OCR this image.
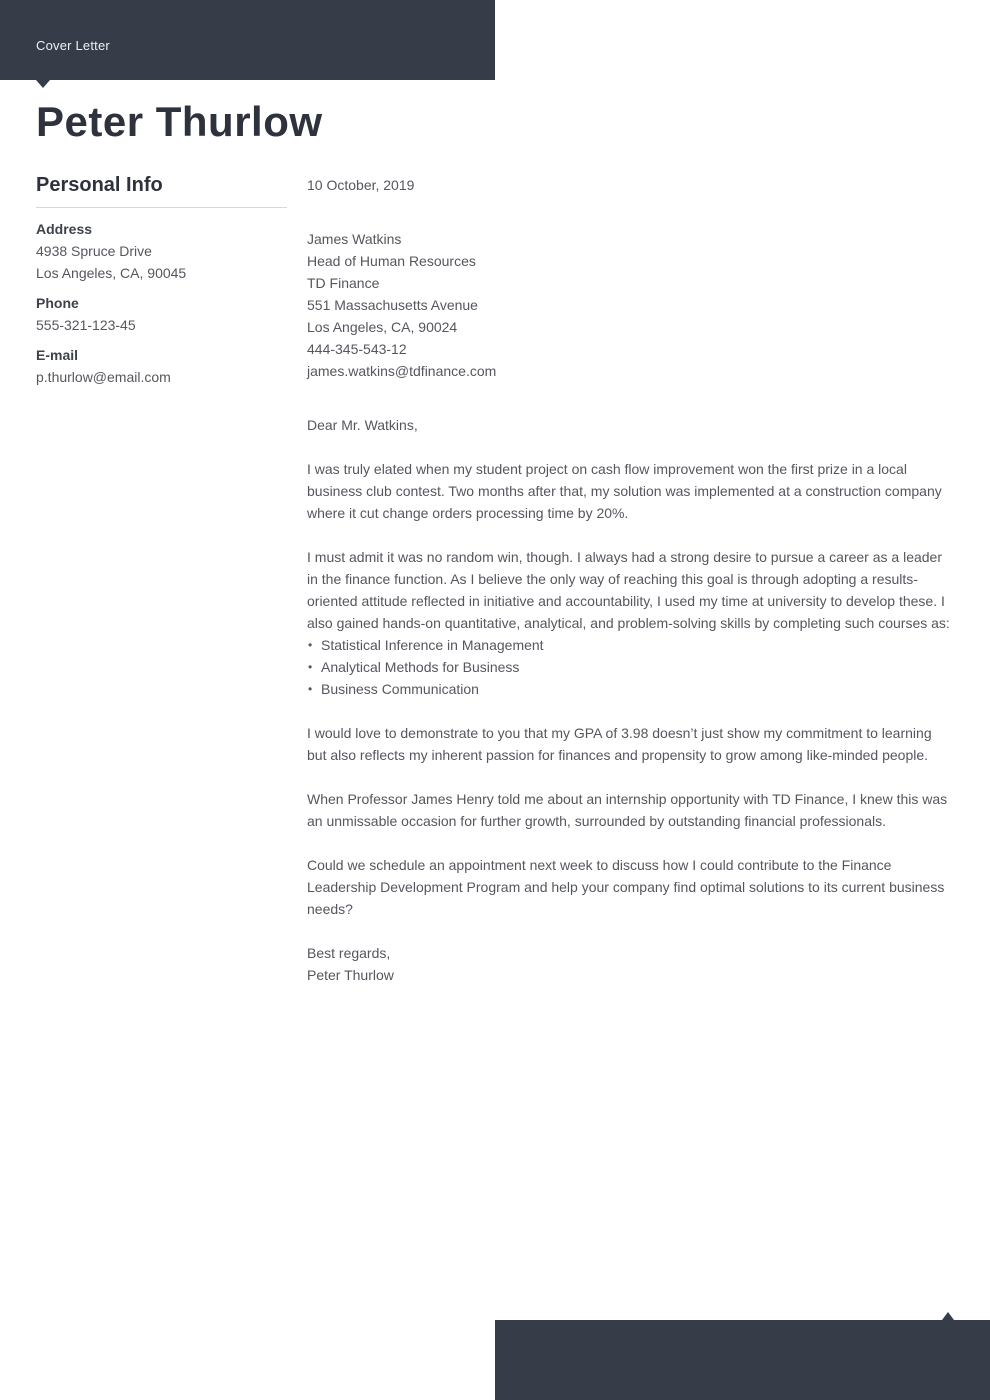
Cover Letter
Peter Thurlow
Personal Info
Address
4938 Spruce Drive
Los Angeles, CA, 90045
Phone
555-321-123-45
E-mail
p.thurlow@email.com

10 October, 2019

James Watkins
Head of Human Resources
TD Finance
551 Massachusetts Avenue
Los Angeles, CA, 90024
444-345-543-12
james.watkins@tdfinance.com

Dear Mr. Watkins,

I was truly elated when my student project on cash flow improvement won the first prize in a local business club contest. Two months after that, my solution was implemented at a construction company where it cut change orders processing time by 20%.

I must admit it was no random win, though. I always had a strong desire to pursue a career as a leader in the finance function. As I believe the only way of reaching this goal is through adopting a results-oriented attitude reflected in initiative and accountability, I used my time at university to develop these. I also gained hands-on quantitative, analytical, and problem-solving skills by completing such courses as:

• Statistical Inference in Management
• Analytical Methods for Business
• Business Communication

I would love to demonstrate to you that my GPA of 3.98 doesn’t just show my commitment to learning but also reflects my inherent passion for finances and propensity to grow among like-minded people.

When Professor James Henry told me about an internship opportunity with TD Finance, I knew this was an unmissable occasion for further growth, surrounded by outstanding financial professionals.

Could we schedule an appointment next week to discuss how I could contribute to the Finance Leadership Development Program and help your company find optimal solutions to its current business needs?

Best regards,
Peter Thurlow
